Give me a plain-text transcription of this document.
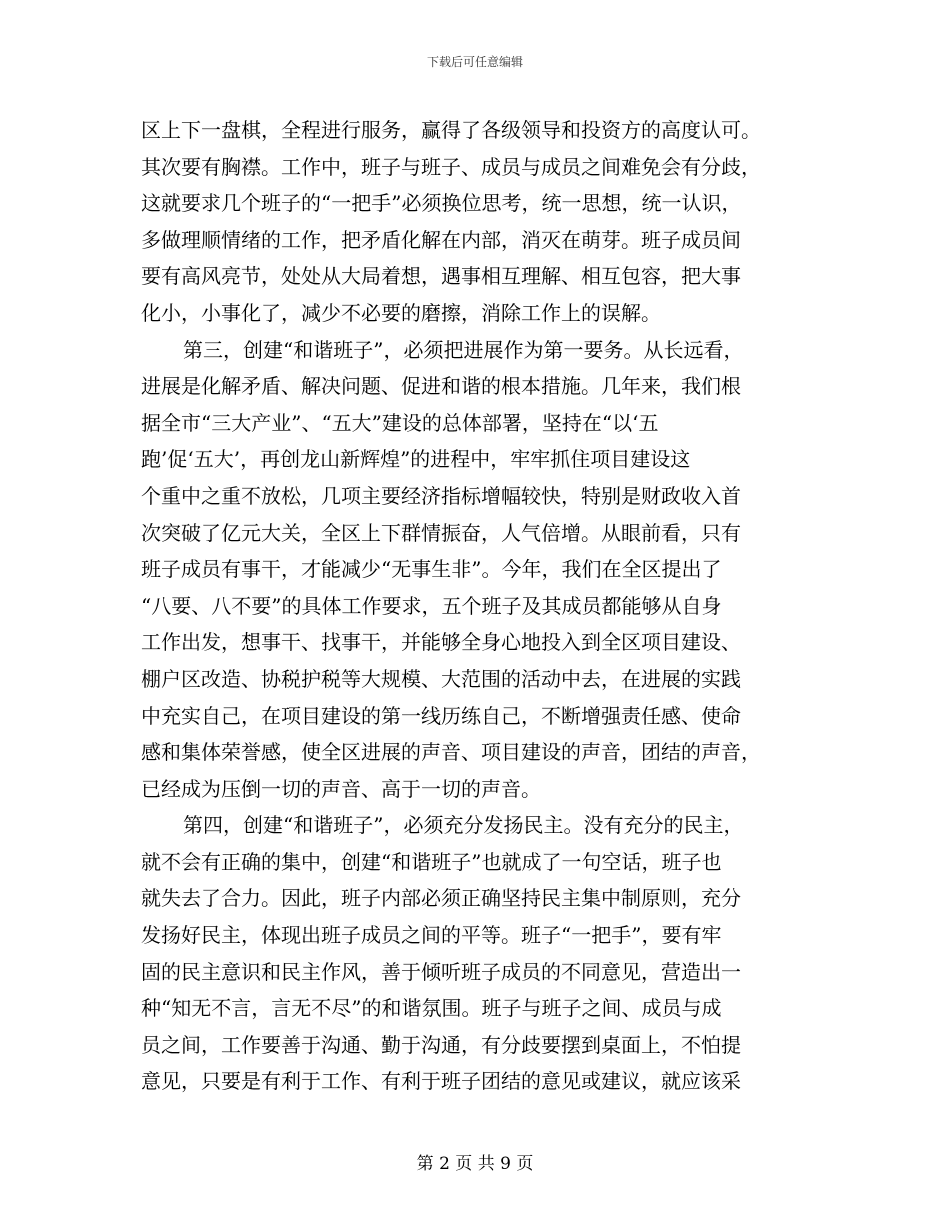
下载后可任意编辑
区上下一盘棋，全程进行服务，赢得了各级领导和投资方的高度认可。
其次要有胸襟。工作中，班子与班子、成员与成员之间难免会有分歧，
这就要求几个班子的“一把手”必须换位思考，统一思想，统一认识，
多做理顺情绪的工作，把矛盾化解在内部，消灭在萌芽。班子成员间
要有高风亮节，处处从大局着想，遇事相互理解、相互包容，把大事
化小，小事化了，减少不必要的磨擦，消除工作上的误解。
第三，创建“和谐班子”，必须把进展作为第一要务。从长远看，
进展是化解矛盾、解决问题、促进和谐的根本措施。几年来，我们根
据全市“三大产业”、“五大”建设的总体部署，坚持在“以‘五
跑’促‘五大’，再创龙山新辉煌”的进程中，牢牢抓住项目建设这
个重中之重不放松，几项主要经济指标增幅较快，特别是财政收入首
次突破了亿元大关，全区上下群情振奋，人气倍增。从眼前看，只有
班子成员有事干，才能减少“无事生非”。今年，我们在全区提出了
“八要、八不要”的具体工作要求，五个班子及其成员都能够从自身
工作出发，想事干、找事干，并能够全身心地投入到全区项目建设、
棚户区改造、协税护税等大规模、大范围的活动中去，在进展的实践
中充实自己，在项目建设的第一线历练自己，不断增强责任感、使命
感和集体荣誉感，使全区进展的声音、项目建设的声音，团结的声音，
已经成为压倒一切的声音、高于一切的声音。
第四，创建“和谐班子”，必须充分发扬民主。没有充分的民主，
就不会有正确的集中，创建“和谐班子”也就成了一句空话，班子也
就失去了合力。因此，班子内部必须正确坚持民主集中制原则，充分
发扬好民主，体现出班子成员之间的平等。班子“一把手”，要有牢
固的民主意识和民主作风，善于倾听班子成员的不同意见，营造出一
种“知无不言，言无不尽”的和谐氛围。班子与班子之间、成员与成
员之间，工作要善于沟通、勤于沟通，有分歧要摆到桌面上，不怕提
意见，只要是有利于工作、有利于班子团结的意见或建议，就应该采
第 2 页 共 9 页
